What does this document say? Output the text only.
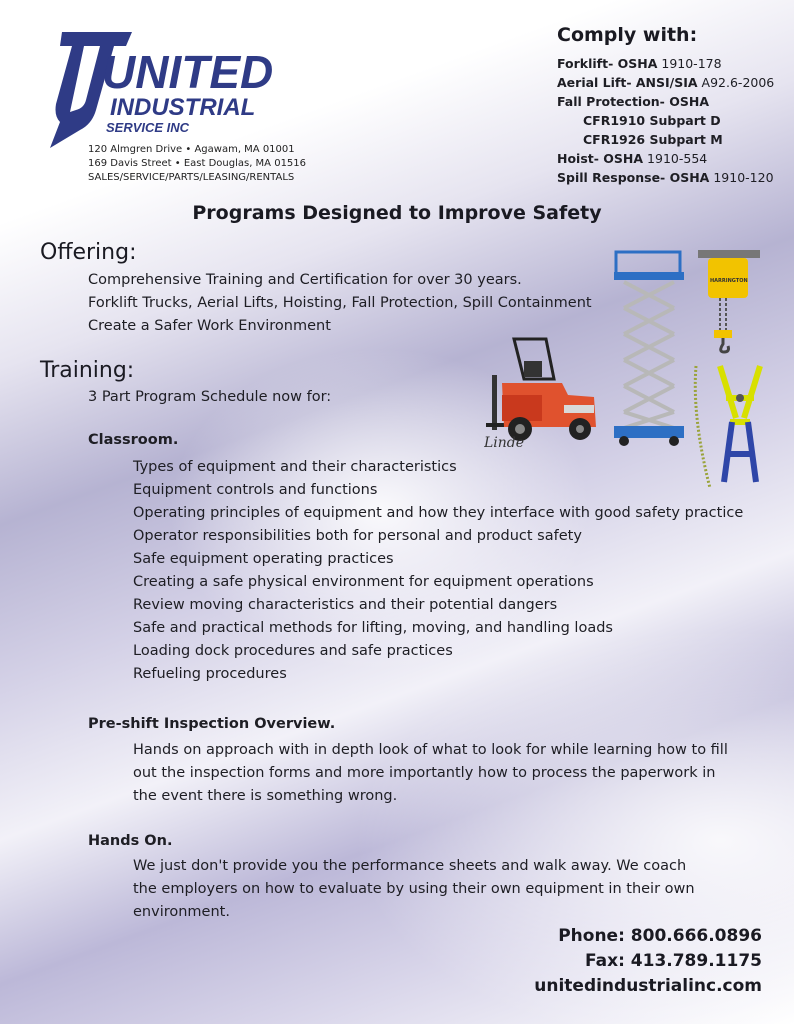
UNITED
INDUSTRIAL
SERVICE INC
120 Almgren Drive • Agawam, MA 01001
169 Davis Street • East Douglas, MA 01516
SALES/SERVICE/PARTS/LEASING/RENTALS
Comply with:
Forklift- OSHA 1910-178
Aerial Lift- ANSI/SIA A92.6-2006
Fall Protection- OSHA
CFR1910 Subpart D
CFR1926 Subpart M
Hoist- OSHA 1910-554
Spill Response- OSHA 1910-120
Programs Designed to Improve Safety
Offering:
Comprehensive Training and Certification for over 30 years.
Forklift Trucks, Aerial Lifts, Hoisting, Fall Protection, Spill Containment
Create a Safer Work Environment
Training:
3 Part Program Schedule now for:
Linde
HARRINGTON
Classroom.
Types of equipment and their characteristics
Equipment controls and functions
Operating principles of equipment and how they interface with good safety practice
Operator responsibilities both for personal and product safety
Safe equipment operating practices
Creating a safe physical environment for equipment operations
Review moving characteristics and their potential dangers
Safe and practical methods for lifting, moving, and handling loads
Loading dock procedures and safe practices
Refueling procedures
Pre-shift Inspection Overview.
Hands on approach with in depth look of what to look for while learning how to fill
out the inspection forms and more importantly how to process the paperwork in
the event there is something wrong.
Hands On.
We just don't provide you the performance sheets and walk away. We coach
the employers on how to evaluate by using their own equipment in their own
environment.
Phone: 800.666.0896
Fax: 413.789.1175
unitedindustrialinc.com
